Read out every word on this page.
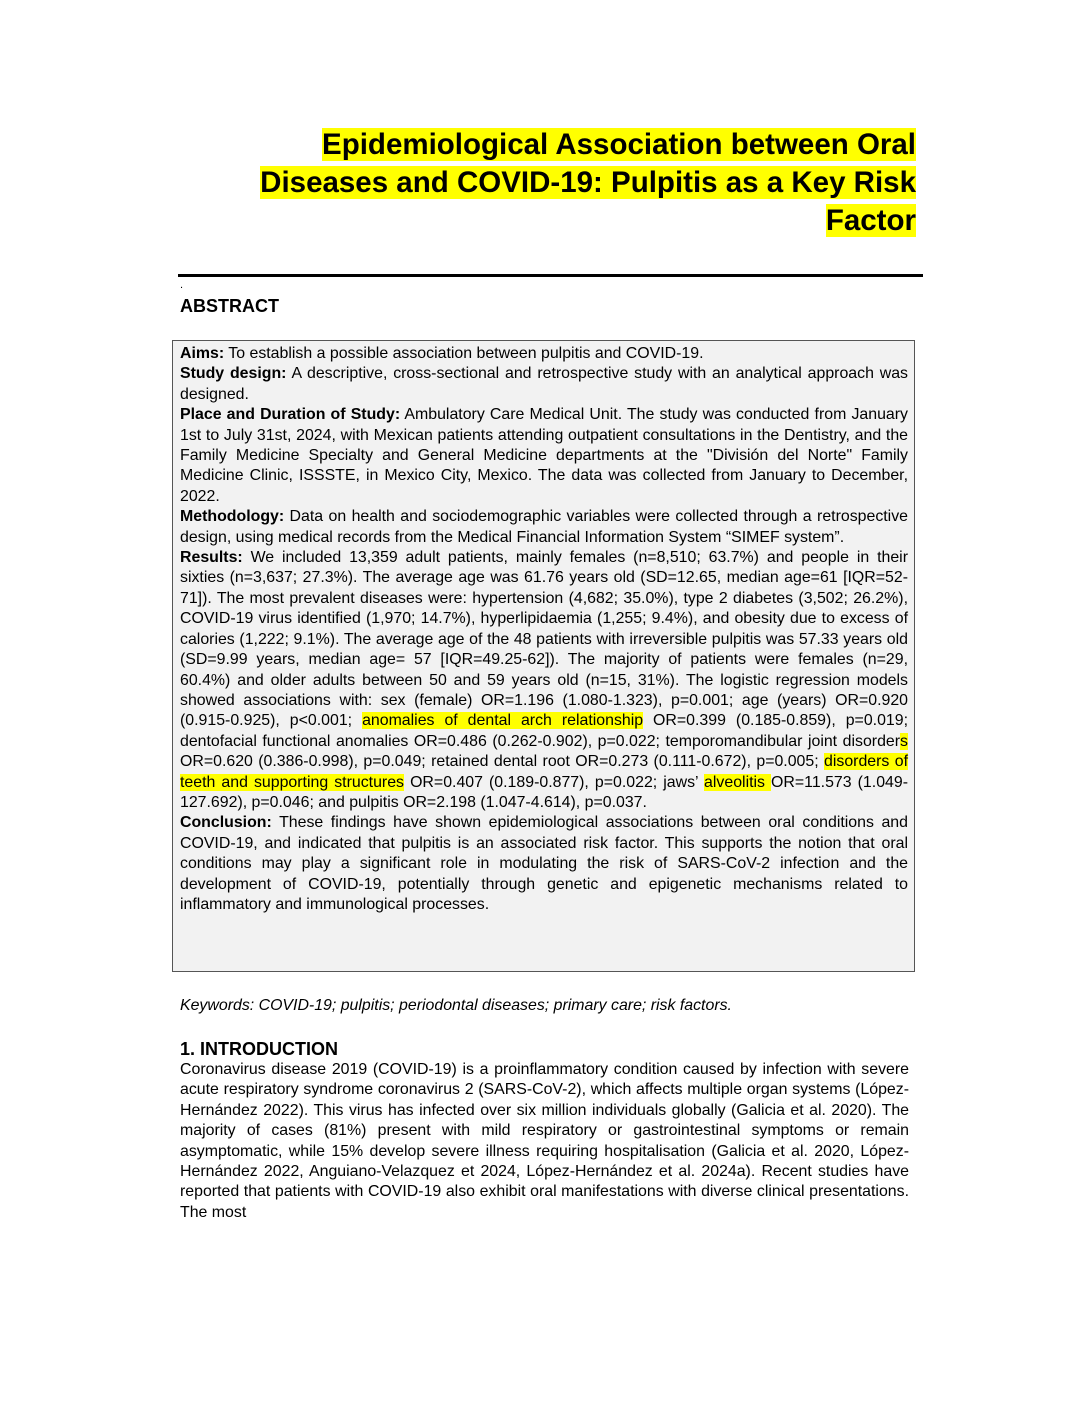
Epidemiological Association between Oral
Diseases and COVID-19: Pulpitis as a Key Risk
Factor
.
ABSTRACT

Aims: To establish a possible association between pulpitis and COVID-19.

Study design: A descriptive, cross-sectional and retrospective study with an analytical approach was designed.

Place and Duration of Study: Ambulatory Care Medical Unit. The study was conducted from January 1st to July 31st, 2024, with Mexican patients attending outpatient consultations in the Dentistry, and the Family Medicine Specialty and General Medicine departments at the "División del Norte" Family Medicine Clinic, ISSSTE, in Mexico City, Mexico. The data was collected from January to December, 2022.

Methodology: Data on health and sociodemographic variables were collected through a retrospective design, using medical records from the Medical Financial Information System “SIMEF system”.

Results: We included 13,359 adult patients, mainly females (n=8,510; 63.7%) and people in their sixties (n=3,637; 27.3%). The average age was 61.76 years old (SD=12.65, median age=61 [IQR=52-71]). The most prevalent diseases were: hypertension (4,682; 35.0%), type 2 diabetes (3,502; 26.2%), COVID-19 virus identified (1,970; 14.7%), hyperlipidaemia (1,255; 9.4%), and obesity due to excess of calories (1,222; 9.1%). The average age of the 48 patients with irreversible pulpitis was 57.33 years old (SD=9.99 years, median age= 57 [IQR=49.25-62]). The majority of patients were females (n=29, 60.4%) and older adults between 50 and 59 years old (n=15, 31%). The logistic regression models showed associations with: sex (female) OR=1.196 (1.080-1.323), p=0.001; age (years) OR=0.920 (0.915-0.925), p<0.001; anomalies of dental arch relationship OR=0.399 (0.185-0.859), p=0.019; dentofacial functional anomalies OR=0.486 (0.262-0.902), p=0.022; temporomandibular joint disorders OR=0.620 (0.386-0.998), p=0.049; retained dental root OR=0.273 (0.111-0.672), p=0.005; disorders of teeth and supporting structures OR=0.407 (0.189-0.877), p=0.022; jaws’ alveolitis OR=11.573 (1.049-127.692), p=0.046; and pulpitis OR=2.198 (1.047-4.614), p=0.037.

Conclusion: These findings have shown epidemiological associations between oral conditions and COVID-19, and indicated that pulpitis is an associated risk factor. This supports the notion that oral conditions may play a significant role in modulating the risk of SARS-CoV-2 infection and the development of COVID-19, potentially through genetic and epigenetic mechanisms related to inflammatory and immunological processes.

Keywords: COVID-19; pulpitis; periodontal diseases; primary care; risk factors.
1. INTRODUCTION

Coronavirus disease 2019 (COVID-19) is a proinflammatory condition caused by infection with severe acute respiratory syndrome coronavirus 2 (SARS-CoV-2), which affects multiple organ systems (López-Hernández 2022). This virus has infected over six million individuals globally (Galicia et al. 2020). The majority of cases (81%) present with mild respiratory or gastrointestinal symptoms or remain asymptomatic, while 15% develop severe illness requiring hospitalisation (Galicia et al. 2020, López-Hernández 2022, Anguiano-Velazquez et 2024, López-Hernández et al. 2024a). Recent studies have reported that patients with COVID-19 also exhibit oral manifestations with diverse clinical presentations. The most
